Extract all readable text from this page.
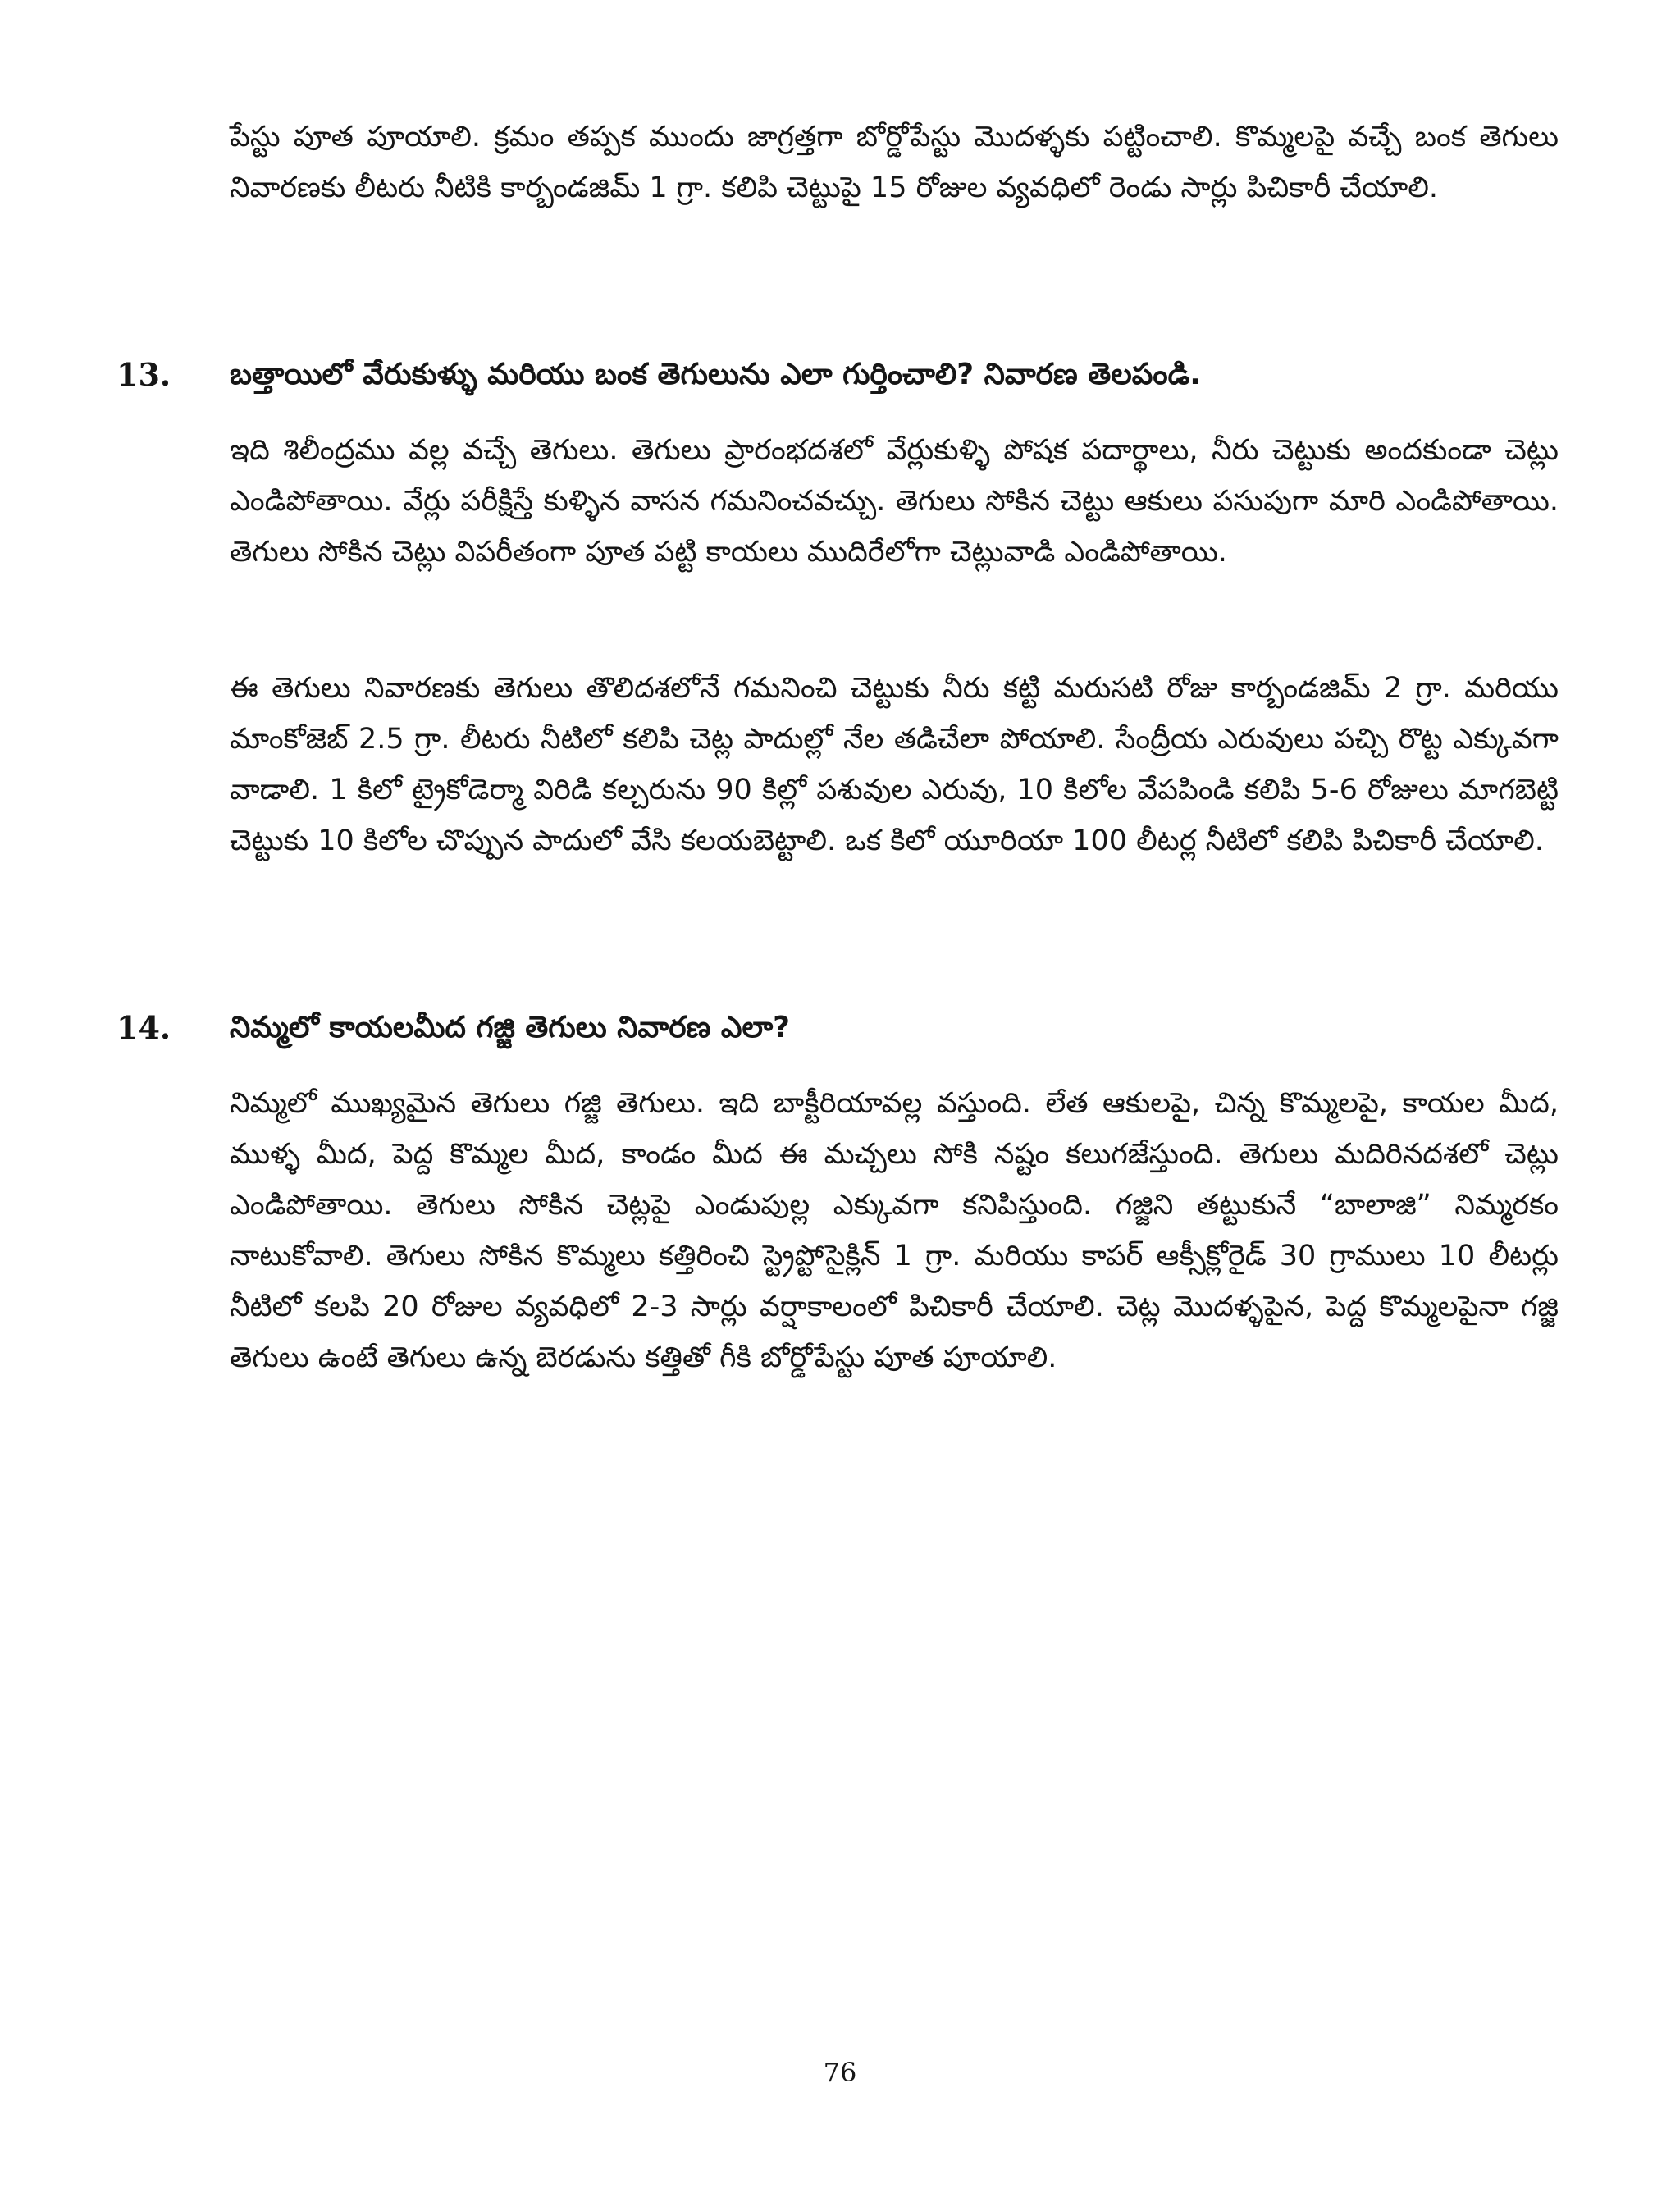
పేస్టు పూత పూయాలి. క్రమం తప్పక ముందు జాగ్రత్తగా బోర్డోపేస్టు మొదళ్ళకు పట్టించాలి. కొమ్మలపై వచ్చే బంక తెగులు నివారణకు లీటరు నీటికి కార్బండజిమ్ 1 గ్రా. కలిపి చెట్టుపై 15 రోజుల వ్యవధిలో రెండు సార్లు పిచికారీ చేయాలి.

13. బత్తాయిలో వేరుకుళ్ళు మరియు బంక తెగులును ఎలా గుర్తించాలి? నివారణ తెలపండి.

ఇది శిలీంద్రము వల్ల వచ్చే తెగులు. తెగులు ప్రారంభదశలో వేర్లుకుళ్ళి పోషక పదార్థాలు, నీరు చెట్టుకు అందకుండా చెట్లు ఎండిపోతాయి. వేర్లు పరీక్షిస్తే కుళ్ళిన వాసన గమనించవచ్చు. తెగులు సోకిన చెట్టు ఆకులు పసుపుగా మారి ఎండిపోతాయి. తెగులు సోకిన చెట్లు విపరీతంగా పూత పట్టి కాయలు ముదిరేలోగా చెట్లువాడి ఎండిపోతాయి.

ఈ తెగులు నివారణకు తెగులు తొలిదశలోనే గమనించి చెట్టుకు నీరు కట్టి మరుసటి రోజు కార్బండజిమ్ 2 గ్రా. మరియు మాంకోజెబ్ 2.5 గ్రా. లీటరు నీటిలో కలిపి చెట్ల పాదుల్లో నేల తడిచేలా పోయాలి. సేంద్రీయ ఎరువులు పచ్చి రొట్ట ఎక్కువగా వాడాలి. 1 కిలో ట్రైకోడెర్మా విరిడి కల్చరును 90 కిల్లో పశువుల ఎరువు, 10 కిలోల వేపపిండి కలిపి 5-6 రోజులు మాగబెట్టి చెట్టుకు 10 కిలోల చొప్పున పాదులో వేసి కలయబెట్టాలి. ఒక కిలో యూరియా 100 లీటర్ల నీటిలో కలిపి పిచికారీ చేయాలి.

14. నిమ్మలో కాయలమీద గజ్జి తెగులు నివారణ ఎలా?

నిమ్మలో ముఖ్యమైన తెగులు గజ్జి తెగులు. ఇది బాక్టీరియావల్ల వస్తుంది. లేత ఆకులపై, చిన్న కొమ్మలపై, కాయల మీద, ముళ్ళ మీద, పెద్ద కొమ్మల మీద, కాండం మీద ఈ మచ్చలు సోకి నష్టం కలుగజేస్తుంది. తెగులు మదిరినదశలో చెట్లు ఎండిపోతాయి. తెగులు సోకిన చెట్లపై ఎండుపుల్ల ఎక్కువగా కనిపిస్తుంది. గజ్జిని తట్టుకునే “బాలాజి” నిమ్మరకం నాటుకోవాలి. తెగులు సోకిన కొమ్మలు కత్తిరించి స్ట్రెప్టోసైక్లిన్ 1 గ్రా. మరియు కాపర్ ఆక్సీక్లోరైడ్ 30 గ్రాములు 10 లీటర్లు నీటిలో కలపి 20 రోజుల వ్యవధిలో 2-3 సార్లు వర్షాకాలంలో పిచికారీ చేయాలి. చెట్ల మొదళ్ళపైన, పెద్ద కొమ్మలపైనా గజ్జి తెగులు ఉంటే తెగులు ఉన్న బెరడును కత్తితో గీకి బోర్డోపేస్టు పూత పూయాలి.

76
